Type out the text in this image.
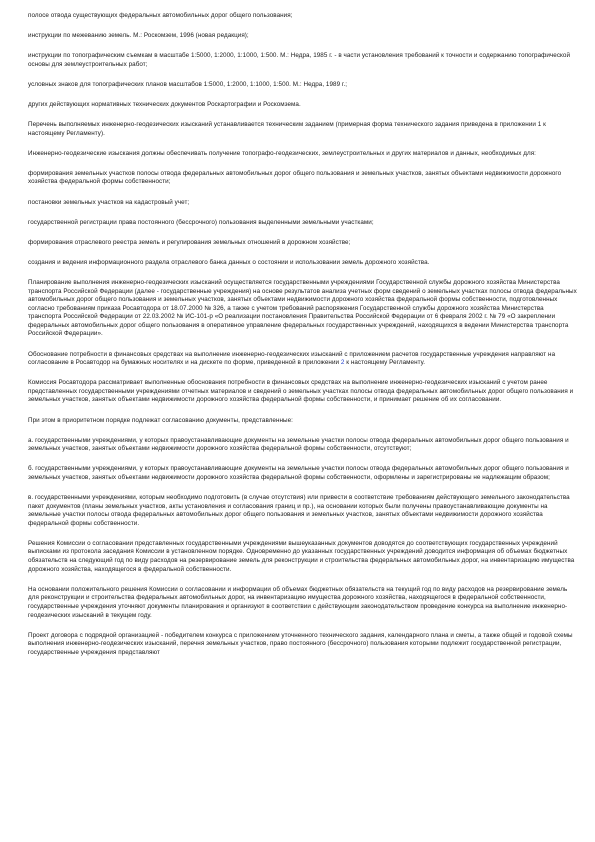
полосе отвода существующих федеральных автомобильных дорог общего пользования;

инструкции по межеванию земель. М.: Роскомзем, 1996 (новая редакция);

инструкции по топографическим съемкам в масштабе 1:5000, 1:2000, 1:1000, 1:500. М.: Недра, 1985 г. - в части установления требований к точности и содержанию топографической основы для землеустроительных работ;

условных знаков для топографических планов масштабов 1:5000, 1:2000, 1:1000, 1:500. М.: Недра, 1989 г.;

других действующих нормативных технических документов Роскартографии и Роскомзема.

Перечень выполняемых инженерно-геодезических изысканий устанавливается техническим заданием (примерная форма технического задания приведена в приложении 1 к настоящему Регламенту).

Инженерно-геодезические изыскания должны обеспечивать получение топографо-геодезических, землеустроительных и других материалов и данных, необходимых для:

формирования земельных участков полосы отвода федеральных автомобильных дорог общего пользования и земельных участков, занятых объектами недвижимости дорожного хозяйства федеральной формы собственности;

постановки земельных участков на кадастровый учет;

государственной регистрации права постоянного (бессрочного) пользования выделенными земельными участками;

формирования отраслевого реестра земель и регулирования земельных отношений в дорожном хозяйстве;

создания и ведения информационного раздела отраслевого банка данных о состоянии и использовании земель дорожного хозяйства.

Планирование выполнения инженерно-геодезических изысканий осуществляется государственными учреждениями Государственной службы дорожного хозяйства Министерства транспорта Российской Федерации (далее - государственные учреждения) на основе результатов анализа учетных форм сведений о земельных участках полосы отвода федеральных автомобильных дорог общего пользования и земельных участков, занятых объектами недвижимости дорожного хозяйства федеральной формы собственности, подготовленных согласно требованиям приказа Росавтодора от 18.07.2000 № 326, а также с учетом требований распоряжения Государственной службы дорожного хозяйства Министерства транспорта Российской Федерации от 22.03.2002 № ИС-101-р «О реализации постановления Правительства Российской Федерации от 6 февраля 2002 г. № 79 «О закреплении федеральных автомобильных дорог общего пользования в оперативное управление федеральных государственных учреждений, находящихся в ведении Министерства транспорта Российской Федерации».

Обоснование потребности в финансовых средствах на выполнение инженерно-геодезических изысканий с приложением расчетов государственные учреждения направляют на согласование в Росавтодор на бумажных носителях и на дискете по форме, приведенной в приложении 2 к настоящему Регламенту.

Комиссия Росавтодора рассматривает выполненные обоснования потребности в финансовых средствах на выполнение инженерно-геодезических изысканий с учетом ранее представленных государственными учреждениями отчетных материалов и сведений о земельных участках полосы отвода федеральных автомобильных дорог общего пользования и земельных участков, занятых объектами недвижимости дорожного хозяйства федеральной формы собственности, и принимает решение об их согласовании.

При этом в приоритетном порядке подлежат согласованию документы, представленные:

а. государственными учреждениями, у которых правоустанавливающие документы на земельные участки полосы отвода федеральных автомобильных дорог общего пользования и земельных участков, занятых объектами недвижимости дорожного хозяйства федеральной формы собственности, отсутствуют;

б. государственными учреждениями, у которых правоустанавливающие документы на земельные участки полосы отвода федеральных автомобильных дорог общего пользования и земельных участков, занятых объектами недвижимости дорожного хозяйства федеральной формы собственности, оформлены и зарегистрированы не надлежащим образом;

в. государственными учреждениями, которым необходимо подготовить (в случае отсутствия) или привести в соответствие требованиям действующего земельного законодательства пакет документов (планы земельных участков, акты установления и согласования границ и пр.), на основании которых были получены правоустанавливающие документы на земельные участки полосы отвода федеральных автомобильных дорог общего пользования и земельных участков, занятых объектами недвижимости дорожного хозяйства федеральной формы собственности.

Решения Комиссии о согласовании представленных государственными учреждениями вышеуказанных документов доводятся до соответствующих государственных учреждений выписками из протокола заседания Комиссии в установленном порядке. Одновременно до указанных государственных учреждений доводится информация об объемах бюджетных обязательств на следующий год по виду расходов на резервирование земель для реконструкции и строительства федеральных автомобильных дорог, на инвентаризацию имущества дорожного хозяйства, находящегося в федеральной собственности.

На основании положительного решения Комиссии о согласовании и информации об объемах бюджетных обязательств на текущий год по виду расходов на резервирование земель для реконструкции и строительства федеральных автомобильных дорог, на инвентаризацию имущества дорожного хозяйства, находящегося в федеральной собственности, государственные учреждения уточняют документы планирования и организуют в соответствии с действующим законодательством проведение конкурса на выполнение инженерно-геодезических изысканий в текущем году.

Проект договора с подрядной организацией - победителем конкурса с приложением уточненного технического задания, календарного плана и сметы, а также общей и годовой схемы выполнения инженерно-геодезических изысканий, перечня земельных участков, право постоянного (бессрочного) пользования которыми подлежит государственной регистрации, государственные учреждения представляют
